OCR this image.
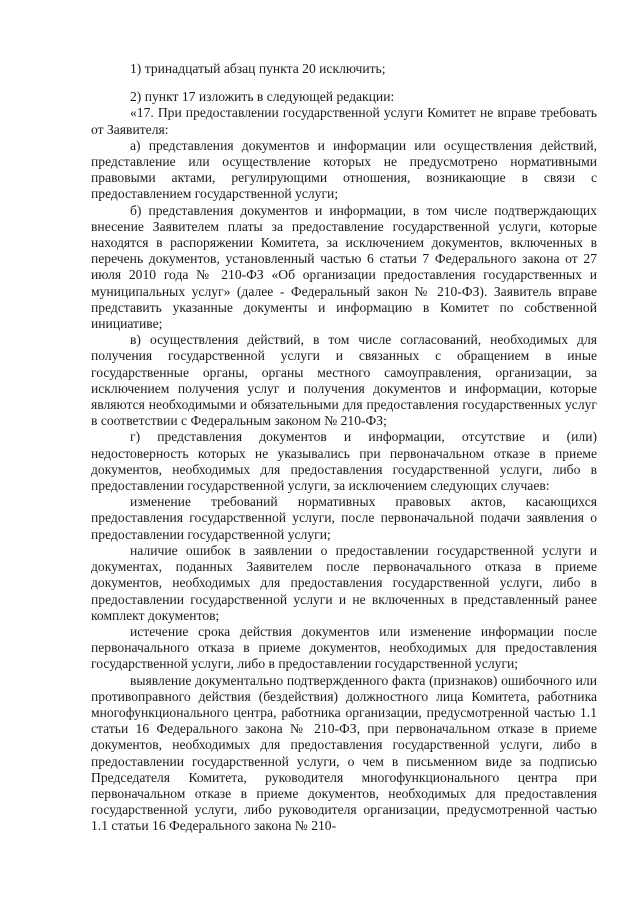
1) тринадцатый абзац пункта 20 исключить;

2) пункт 17 изложить в следующей редакции:

«17. При предоставлении государственной услуги Комитет не вправе требовать от Заявителя:

а) представления документов и информации или осуществления действий, представление или осуществление которых не предусмотрено нормативными правовыми актами, регулирующими отношения, возникающие в связи с предоставлением государственной услуги;

б) представления документов и информации, в том числе подтверждающих внесение Заявителем платы за предоставление государственной услуги, которые находятся в распоряжении Комитета, за исключением документов, включенных в перечень документов, установленный частью 6 статьи 7 Федерального закона от 27 июля 2010 года № 210-ФЗ «Об организации предоставления государственных и муниципальных услуг» (далее - Федеральный закон № 210-ФЗ). Заявитель вправе представить указанные документы и информацию в Комитет по собственной инициативе;

в) осуществления действий, в том числе согласований, необходимых для получения государственной услуги и связанных с обращением в иные государственные органы, органы местного самоуправления, организации, за исключением получения услуг и получения документов и информации, которые являются необходимыми и обязательными для предоставления государственных услуг в соответствии с Федеральным законом № 210-ФЗ;

г) представления документов и информации, отсутствие и (или) недостоверность которых не указывались при первоначальном отказе в приеме документов, необходимых для предоставления государственной услуги, либо в предоставлении государственной услуги, за исключением следующих случаев:

изменение требований нормативных правовых актов, касающихся предоставления государственной услуги, после первоначальной подачи заявления о предоставлении государственной услуги;

наличие ошибок в заявлении о предоставлении государственной услуги и документах, поданных Заявителем после первоначального отказа в приеме документов, необходимых для предоставления государственной услуги, либо в предоставлении государственной услуги и не включенных в представленный ранее комплект документов;

истечение срока действия документов или изменение информации после первоначального отказа в приеме документов, необходимых для предоставления государственной услуги, либо в предоставлении государственной услуги;

выявление документально подтвержденного факта (признаков) ошибочного или противоправного действия (бездействия) должностного лица Комитета, работника многофункционального центра, работника организации, предусмотренной частью 1.1 статьи 16 Федерального закона № 210-ФЗ, при первоначальном отказе в приеме документов, необходимых для предоставления государственной услуги, либо в предоставлении государственной услуги, о чем в письменном виде за подписью Председателя Комитета, руководителя многофункционального центра при первоначальном отказе в приеме документов, необходимых для предоставления государственной услуги, либо руководителя организации, предусмотренной частью 1.1 статьи 16 Федерального закона № 210-
